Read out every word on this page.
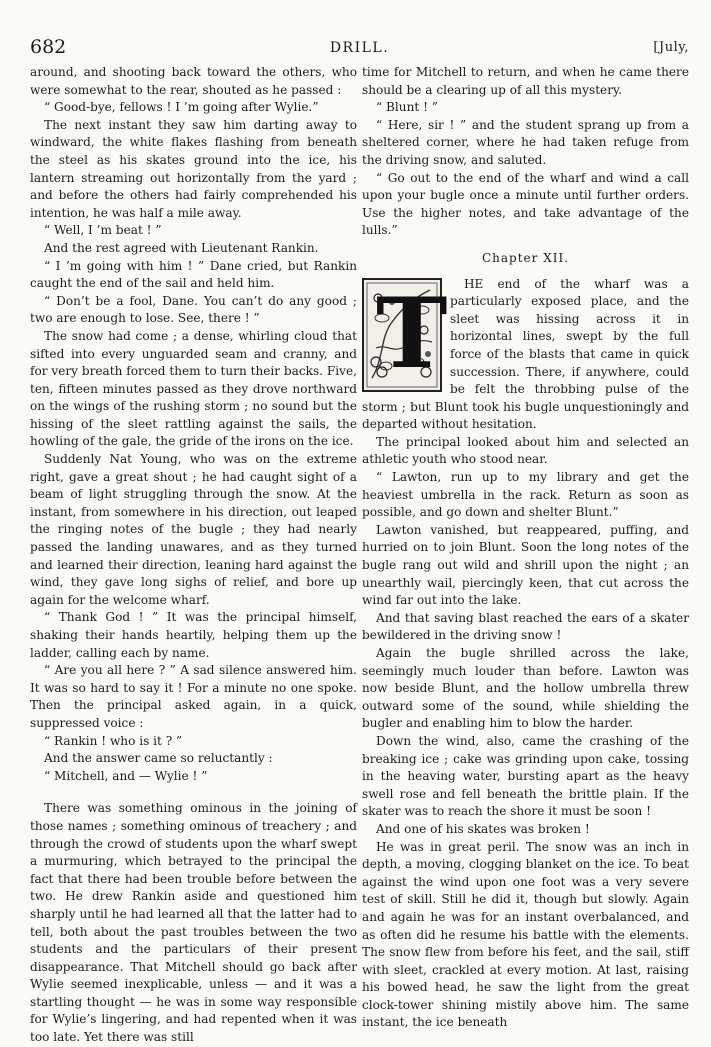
682	DRILL.	[July,

around, and shooting back toward the others, who were somewhat to the rear, shouted as he passed :

“ Good-bye, fellows ! I ’m going after Wylie.”

The next instant they saw him darting away to windward, the white flakes flashing from beneath the steel as his skates ground into the ice, his lantern streaming out horizontally from the yard ; and before the others had fairly comprehended his intention, he was half a mile away.

“ Well, I ’m beat ! ”

And the rest agreed with Lieutenant Rankin.

“ I ’m going with him ! ” Dane cried, but Rankin caught the end of the sail and held him.

“ Don’t be a fool, Dane. You can’t do any good ; two are enough to lose. See, there ! ”

The snow had come ; a dense, whirling cloud that sifted into every unguarded seam and cranny, and for very breath forced them to turn their backs. Five, ten, fifteen minutes passed as they drove northward on the wings of the rushing storm ; no sound but the hissing of the sleet rattling against the sails, the howling of the gale, the gride of the irons on the ice.

Suddenly Nat Young, who was on the extreme right, gave a great shout ; he had caught sight of a beam of light struggling through the snow. At the instant, from somewhere in his direction, out leaped the ringing notes of the bugle ; they had nearly passed the landing unawares, and as they turned and learned their direction, leaning hard against the wind, they gave long sighs of relief, and bore up again for the welcome wharf.

“ Thank God ! ” It was the principal himself, shaking their hands heartily, helping them up the ladder, calling each by name.

“ Are you all here ? ” A sad silence answered him. It was so hard to say it ! For a minute no one spoke. Then the principal asked again, in a quick, suppressed voice :

“ Rankin ! who is it ? ”

And the answer came so reluctantly :

“ Mitchell, and — Wylie ! ”

There was something ominous in the joining of those names ; something ominous of treachery ; and through the crowd of students upon the wharf swept a murmuring, which betrayed to the principal the fact that there had been trouble before between the two. He drew Rankin aside and questioned him sharply until he had learned all that the latter had to tell, both about the past troubles between the two students and the particulars of their present disappearance. That Mitchell should go back after Wylie seemed inexplicable, unless — and it was a startling thought — he was in some way responsible for Wylie’s lingering, and had repented when it was too late. Yet there was still

time for Mitchell to return, and when he came there should be a clearing up of all this mystery.

“ Blunt ! ”

“ Here, sir ! ” and the student sprang up from a sheltered corner, where he had taken refuge from the driving snow, and saluted.

“ Go out to the end of the wharf and wind a call upon your bugle once a minute until further orders. Use the higher notes, and take advantage of the lulls.”

Chapter XII.

T HE end of the wharf was a particularly exposed place, and the sleet was hissing across it in horizontal lines, swept by the full force of the blasts that came in quick succession. There, if anywhere, could be felt the throbbing pulse of the storm ; but Blunt took his bugle unquestioningly and departed without hesitation.

The principal looked about him and selected an athletic youth who stood near.

“ Lawton, run up to my library and get the heaviest umbrella in the rack. Return as soon as possible, and go down and shelter Blunt.”

Lawton vanished, but reappeared, puffing, and hurried on to join Blunt. Soon the long notes of the bugle rang out wild and shrill upon the night ; an unearthly wail, piercingly keen, that cut across the wind far out into the lake.

And that saving blast reached the ears of a skater bewildered in the driving snow !

Again the bugle shrilled across the lake, seemingly much louder than before. Lawton was now beside Blunt, and the hollow umbrella threw outward some of the sound, while shielding the bugler and enabling him to blow the harder.

Down the wind, also, came the crashing of the breaking ice ; cake was grinding upon cake, tossing in the heaving water, bursting apart as the heavy swell rose and fell beneath the brittle plain. If the skater was to reach the shore it must be soon !

And one of his skates was broken !

He was in great peril. The snow was an inch in depth, a moving, clogging blanket on the ice. To beat against the wind upon one foot was a very severe test of skill. Still he did it, though but slowly. Again and again he was for an instant overbalanced, and as often did he resume his battle with the elements. The snow flew from before his feet, and the sail, stiff with sleet, crackled at every motion. At last, raising his bowed head, he saw the light from the great clock-tower shining mistily above him. The same instant, the ice beneath
